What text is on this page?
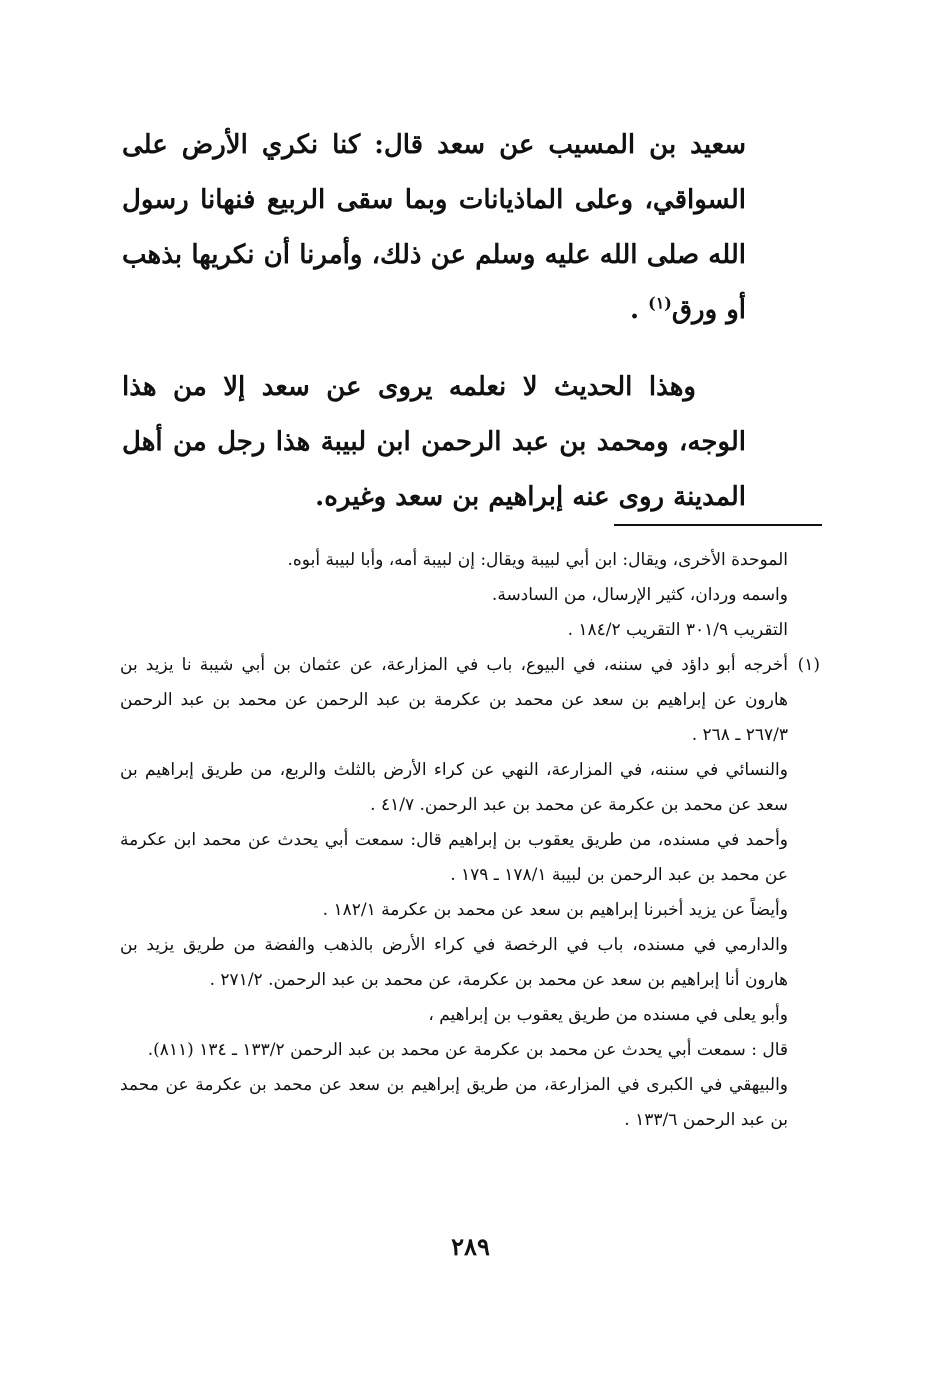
سعيد بن المسيب عن سعد قال: كنا نكري الأرض على السواقي، وعلى الماذيانات وبما سقى الربيع فنهانا رسول الله صلى الله عليه وسلم عن ذلك، وأمرنا أن نكريها بذهب أو ورق$^{(١)}$ .

وهذا الحديث لا نعلمه يروى عن سعد إلا من هذا الوجه، ومحمد بن عبد الرحمن ابن لبيبة هذا رجل من أهل المدينة روى عنه إبراهيم بن سعد وغيره.

الموحدة الأخرى، ويقال: ابن أبي لبيبة ويقال: إن لبيبة أمه، وأبا لبيبة أبوه.

واسمه وردان، كثير الإرسال، من السادسة.

التقريب ٣٠١/٩ التقريب ١٨٤/٢ .

(١)أخرجه أبو داؤد في سننه، في البيوع، باب في المزارعة، عن عثمان بن أبي شيبة نا يزيد بن هارون عن إبراهيم بن سعد عن محمد بن عكرمة بن عبد الرحمن عن محمد بن عبد الرحمن ٢٦٧/٣ ـ ٢٦٨ .

والنسائي في سننه، في المزارعة، النهي عن كراء الأرض بالثلث والربع، من طريق إبراهيم بن سعد عن محمد بن عكرمة عن محمد بن عبد الرحمن. ٤١/٧ .

وأحمد في مسنده، من طريق يعقوب بن إبراهيم قال: سمعت أبي يحدث عن محمد ابن عكرمة عن محمد بن عبد الرحمن بن لبيبة ١٧٨/١ ـ ١٧٩ .

وأيضاً عن يزيد أخبرنا إبراهيم بن سعد عن محمد بن عكرمة ١٨٢/١ .

والدارمي في مسنده، باب في الرخصة في كراء الأرض بالذهب والفضة من طريق يزيد بن هارون أنا إبراهيم بن سعد عن محمد بن عكرمة، عن محمد بن عبد الرحمن. ٢٧١/٢ .

وأبو يعلى في مسنده من طريق يعقوب بن إبراهيم ،

قال : سمعت أبي يحدث عن محمد بن عكرمة عن محمد بن عبد الرحمن ١٣٣/٢ ـ ١٣٤ (٨١١).

والبيهقي في الكبرى في المزارعة، من طريق إبراهيم بن سعد عن محمد بن عكرمة عن محمد بن عبد الرحمن ١٣٣/٦ .

٢٨٩
